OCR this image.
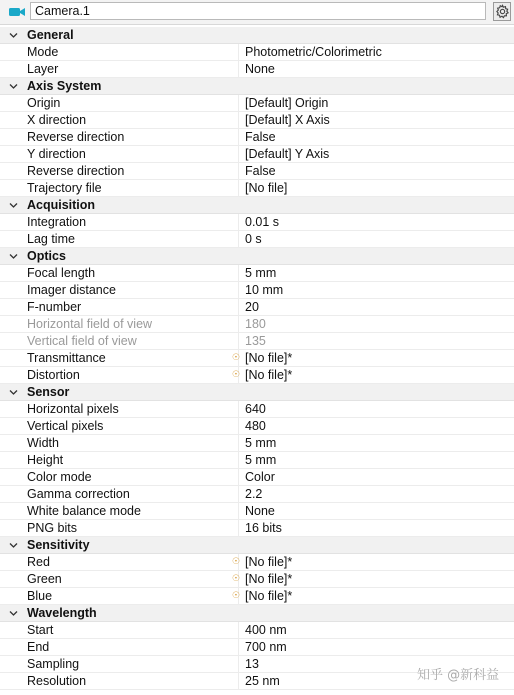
Camera.1
General
Mode	Photometric/Colorimetric
Layer	None
Axis System
Origin	[Default] Origin
X direction	[Default] X Axis
Reverse direction	False
Y direction	[Default] Y Axis
Reverse direction	False
Trajectory file	[No file]
Acquisition
Integration	0.01 s
Lag time	0 s
Optics
Focal length	5 mm
Imager distance	10 mm
F-number	20
Horizontal field of view	180
Vertical field of view	135
Transmittance	☉ [No file]*
Distortion	☉ [No file]*
Sensor
Horizontal pixels	640
Vertical pixels	480
Width	5 mm
Height	5 mm
Color mode	Color
Gamma correction	2.2
White balance mode	None
PNG bits	16 bits
Sensitivity
Red	☉ [No file]*
Green	☉ [No file]*
Blue	☉ [No file]*
Wavelength
Start	400 nm
End	700 nm
Sampling	13
Resolution	25 nm	知乎 @新科益
